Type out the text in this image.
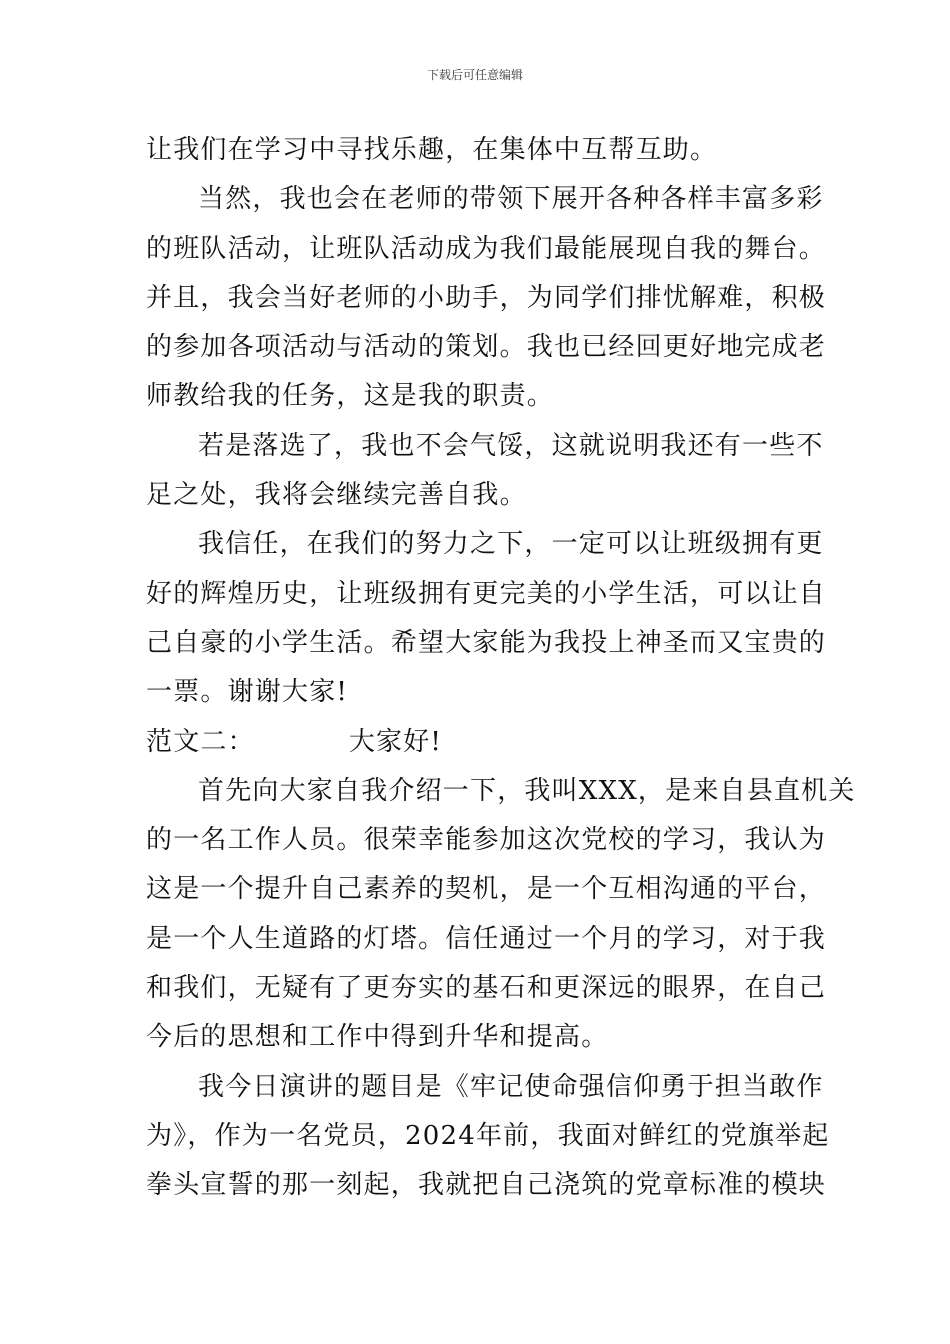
下载后可任意编辑
让我们在学习中寻找乐趣，在集体中互帮互助。
当然，我也会在老师的带领下展开各种各样丰富多彩
的班队活动，让班队活动成为我们最能展现自我的舞台。
并且，我会当好老师的小助手，为同学们排忧解难，积极
的参加各项活动与活动的策划。我也已经回更好地完成老
师教给我的任务，这是我的职责。
若是落选了，我也不会气馁，这就说明我还有一些不
足之处，我将会继续完善自我。
我信任，在我们的努力之下，一定可以让班级拥有更
好的辉煌历史，让班级拥有更完美的小学生活，可以让自
己自豪的小学生活。希望大家能为我投上神圣而又宝贵的
一票。谢谢大家!
范文二：	大家好!
首先向大家自我介绍一下，我叫XXX，是来自县直机关
的一名工作人员。很荣幸能参加这次党校的学习，我认为
这是一个提升自己素养的契机，是一个互相沟通的平台，
是一个人生道路的灯塔。信任通过一个月的学习，对于我
和我们，无疑有了更夯实的基石和更深远的眼界，在自己
今后的思想和工作中得到升华和提高。
我今日演讲的题目是《牢记使命强信仰勇于担当敢作
为》，作为一名党员，2024年前，我面对鲜红的党旗举起
拳头宣誓的那一刻起，我就把自己浇筑的党章标准的模块
